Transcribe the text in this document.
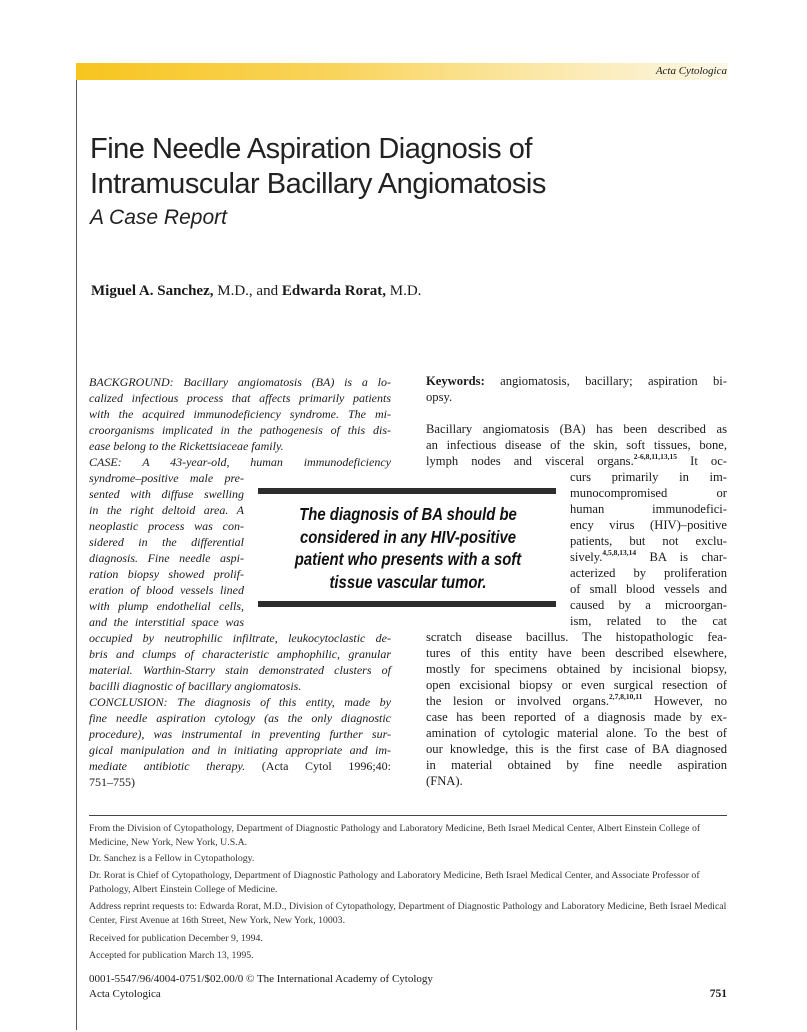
Acta Cytologica
Fine Needle Aspiration Diagnosis of
Intramuscular Bacillary Angiomatosis
A Case Report
Miguel A. Sanchez, M.D., and Edwarda Rorat, M.D.
BACKGROUND: Bacillary angiomatosis (BA) is a lo-
calized infectious process that affects primarily patients
with the acquired immunodeficiency syndrome. The mi-
croorganisms implicated in the pathogenesis of this dis-
ease belong to the Rickettsiaceae family.
CASE: A 43-year-old, human immunodeficiency
syndrome–positive male pre-
sented with diffuse swelling
in the right deltoid area. A
neoplastic process was con-
sidered in the differential
diagnosis. Fine needle aspi-
ration biopsy showed prolif-
eration of blood vessels lined
with plump endothelial cells,
and the interstitial space was
occupied by neutrophilic infiltrate, leukocytoclastic de-
bris and clumps of characteristic amphophilic, granular
material. Warthin-Starry stain demonstrated clusters of
bacilli diagnostic of bacillary angiomatosis.
CONCLUSION: The diagnosis of this entity, made by
fine needle aspiration cytology (as the only diagnostic
procedure), was instrumental in preventing further sur-
gical manipulation and in initiating appropriate and im-
mediate antibiotic therapy. (Acta Cytol 1996;40:
751–755)
The diagnosis of BA should be considered in any HIV-positive patient who presents with a soft tissue vascular tumor.
Keywords: angiomatosis, bacillary; aspiration bi-
opsy.
Bacillary angiomatosis (BA) has been described as
an infectious disease of the skin, soft tissues, bone,
lymph nodes and visceral organs.$^{2-6,8,11,13,15}$ It oc-
curs primarily in im-
munocompromised or
human immunodefici-
ency virus (HIV)–positive
patients, but not exclu-
sively.$^{4,5,8,13,14}$ BA is char-
acterized by proliferation
of small blood vessels and
caused by a microorgan-
ism, related to the cat
scratch disease bacillus. The histopathologic fea-
tures of this entity have been described elsewhere,
mostly for specimens obtained by incisional biopsy,
open excisional biopsy or even surgical resection of
the lesion or involved organs.$^{2,7,8,10,11}$ However, no
case has been reported of a diagnosis made by ex-
amination of cytologic material alone. To the best of
our knowledge, this is the first case of BA diagnosed
in material obtained by fine needle aspiration
(FNA).
From the Division of Cytopathology, Department of Diagnostic Pathology and Laboratory Medicine, Beth Israel Medical Center, Albert Einstein College of Medicine, New York, New York, U.S.A.
Dr. Sanchez is a Fellow in Cytopathology.
Dr. Rorat is Chief of Cytopathology, Department of Diagnostic Pathology and Laboratory Medicine, Beth Israel Medical Center, and Associate Professor of Pathology, Albert Einstein College of Medicine.
Address reprint requests to: Edwarda Rorat, M.D., Division of Cytopathology, Department of Diagnostic Pathology and Laboratory Medicine, Beth Israel Medical Center, First Avenue at 16th Street, New York, New York, 10003.
Received for publication December 9, 1994.
Accepted for publication March 13, 1995.
0001-5547/96/4004-0751/$02.00/0 © The International Academy of Cytology
Acta Cytologica	751
